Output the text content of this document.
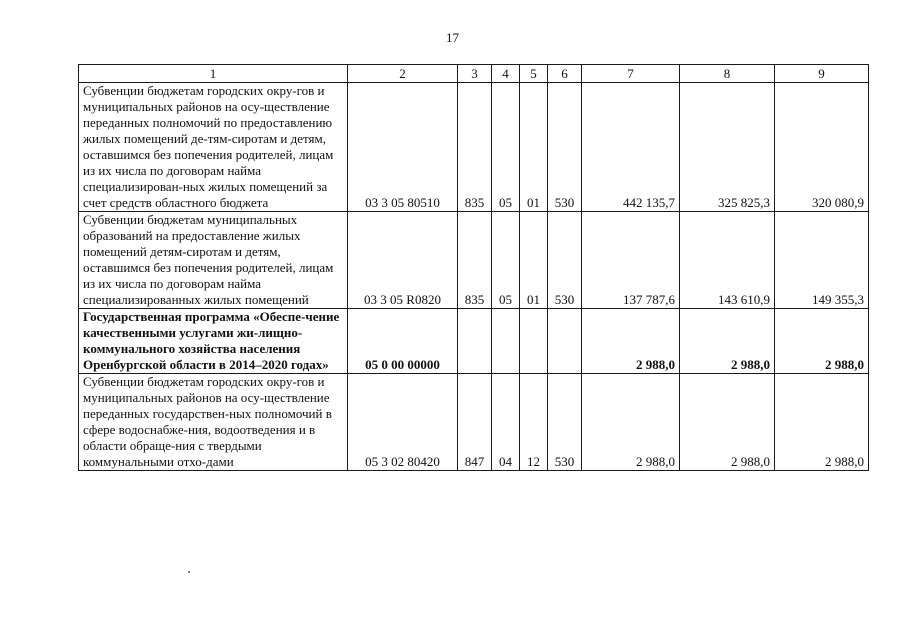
17
1	2	3	4	5	6	7	8	9
Субвенции бюджетам городских окру-гов и муниципальных районов на осу-ществление переданных полномочий по предоставлению жилых помещений де-тям-сиротам и детям, оставшимся без попечения родителей, лицам из их числа по договорам найма специализирован-ных жилых помещений за счет средств областного бюджета	03 3 05 80510	835	05	01	530	442 135,7	325 825,3	320 080,9
Субвенции бюджетам муниципальных образований на предоставление жилых помещений детям-сиротам и детям, оставшимся без попечения родителей, лицам из их числа по договорам найма специализированных жилых помещений	03 3 05 R0820	835	05	01	530	137 787,6	143 610,9	149 355,3
Государственная программа «Обеспе-чение качественными услугами жи-лищно-коммунального хозяйства населения Оренбургской области в 2014–2020 годах»	05 0 00 00000					2 988,0	2 988,0	2 988,0
Субвенции бюджетам городских окру-гов и муниципальных районов на осу-ществление переданных государствен-ных полномочий в сфере водоснабже-ния, водоотведения и в области обраще-ния с твердыми коммунальными отхо-дами	05 3 02 80420	847	04	12	530	2 988,0	2 988,0	2 988,0
